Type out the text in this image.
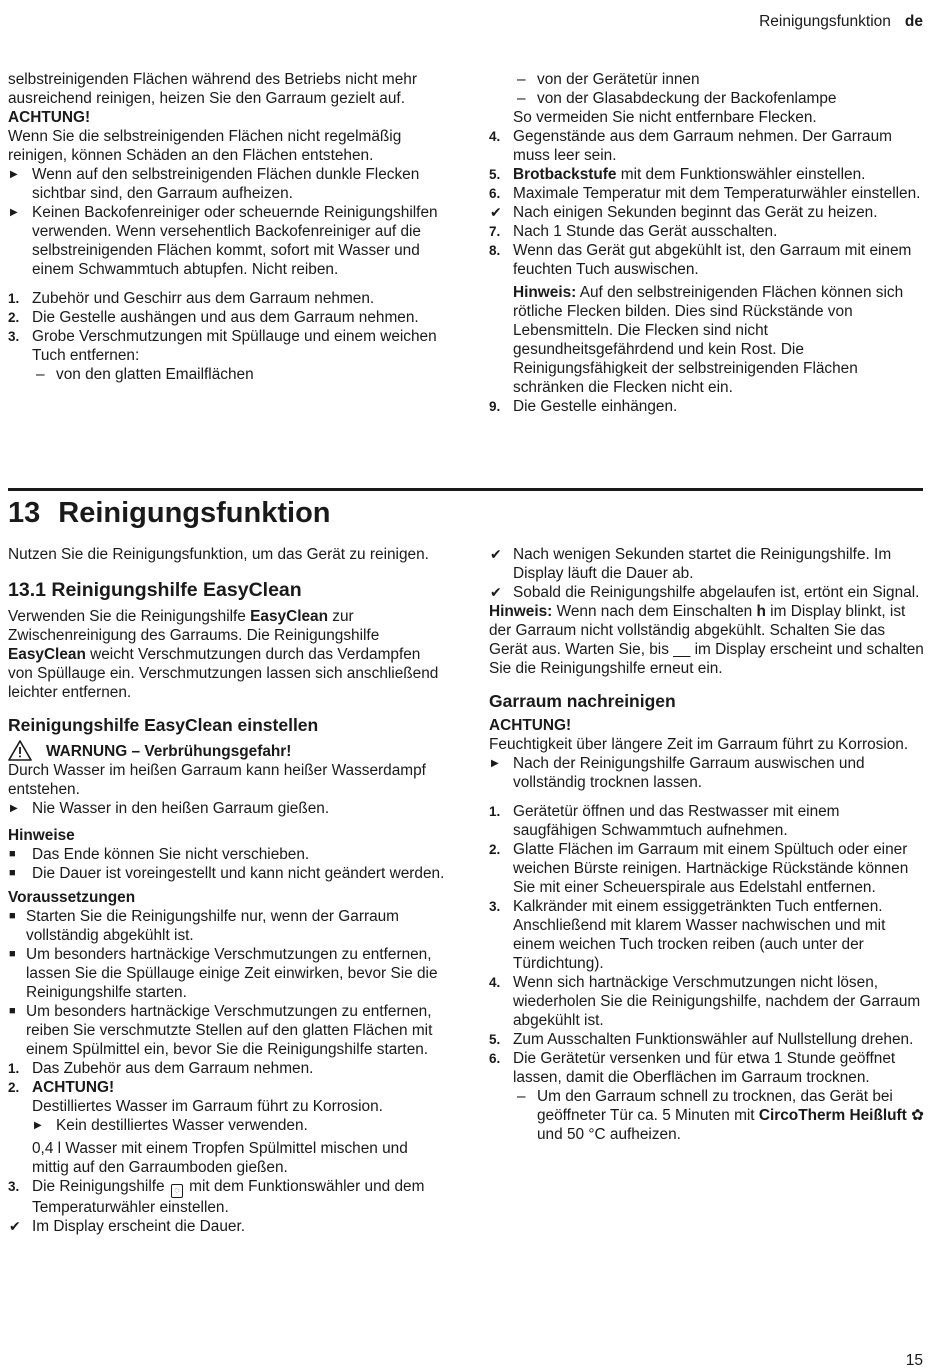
Reinigungsfunktion de

selbstreinigenden Flächen während des Betriebs nicht mehr ausreichend reinigen, heizen Sie den Garraum gezielt auf.

ACHTUNG!

Wenn Sie die selbstreinigenden Flächen nicht regelmäßig reinigen, können Schäden an den Flächen entstehen.

▶ Wenn auf den selbstreinigenden Flächen dunkle Flecken sichtbar sind, den Garraum aufheizen.
▶ Keinen Backofenreiniger oder scheuernde Reinigungshilfen verwenden. Wenn versehentlich Backofenreiniger auf die selbstreinigenden Flächen kommt, sofort mit Wasser und einem Schwammtuch abtupfen. Nicht reiben.
1. Zubehör und Geschirr aus dem Garraum nehmen.
2. Die Gestelle aushängen und aus dem Garraum nehmen.
3. Grobe Verschmutzungen mit Spüllauge und einem weichen Tuch entfernen:
– von den glatten Emailflächen
– von der Gerätetür innen
– von der Glasabdeckung der Backofenlampe

So vermeiden Sie nicht entfernbare Flecken.

4. Gegenstände aus dem Garraum nehmen. Der Garraum muss leer sein.
5. Brotbackstufe mit dem Funktionswähler einstellen.
6. Maximale Temperatur mit dem Temperaturwähler einstellen.
✔ Nach einigen Sekunden beginnt das Gerät zu heizen.
7. Nach 1 Stunde das Gerät ausschalten.
8. Wenn das Gerät gut abgekühlt ist, den Garraum mit einem feuchten Tuch auswischen.

Hinweis: Auf den selbstreinigenden Flächen können sich rötliche Flecken bilden. Dies sind Rückstände von Lebensmitteln. Die Flecken sind nicht gesundheitsgefährdend und kein Rost. Die Reinigungsfähigkeit der selbstreinigenden Flächen schränken die Flecken nicht ein.

9. Die Gestelle einhängen.
13 Reinigungsfunktion

Nutzen Sie die Reinigungsfunktion, um das Gerät zu reinigen.

13.1 Reinigungshilfe EasyClean

Verwenden Sie die Reinigungshilfe EasyClean zur Zwischenreinigung des Garraums. Die Reinigungshilfe EasyClean weicht Verschmutzungen durch das Verdampfen von Spüllauge ein. Verschmutzungen lassen sich anschließend leichter entfernen.

Reinigungshilfe EasyClean einstellen
WARNUNG – Verbrühungsgefahr!

Durch Wasser im heißen Garraum kann heißer Wasserdampf entstehen.

▶ Nie Wasser in den heißen Garraum gießen.
Hinweise
■	Das Ende können Sie nicht verschieben.
■	Die Dauer ist voreingestellt und kann nicht geändert werden.
Voraussetzungen
■ Starten Sie die Reinigungshilfe nur, wenn der Garraum vollständig abgekühlt ist.
■ Um besonders hartnäckige Verschmutzungen zu entfernen, lassen Sie die Spüllauge einige Zeit einwirken, bevor Sie die Reinigungshilfe starten.
■ Um besonders hartnäckige Verschmutzungen zu entfernen, reiben Sie verschmutzte Stellen auf den glatten Flächen mit einem Spülmittel ein, bevor Sie die Reinigungshilfe starten.
1. Das Zubehör aus dem Garraum nehmen.
2. ACHTUNG!

Destilliertes Wasser im Garraum führt zu Korrosion.

▶ Kein destilliertes Wasser verwenden.

0,4 l Wasser mit einem Tropfen Spülmittel mischen und mittig auf den Garraumboden gießen.

3. Die Reinigungshilfe ◌ mit dem Funktionswähler und dem Temperaturwähler einstellen.
✔ Im Display erscheint die Dauer.
✔ Nach wenigen Sekunden startet die Reinigungshilfe. Im Display läuft die Dauer ab.
✔ Sobald die Reinigungshilfe abgelaufen ist, ertönt ein Signal.

Hinweis: Wenn nach dem Einschalten h im Display blinkt, ist der Garraum nicht vollständig abgekühlt. Schalten Sie das Gerät aus. Warten Sie, bis __ im Display erscheint und schalten Sie die Reinigungshilfe erneut ein.

Garraum nachreinigen

ACHTUNG!

Feuchtigkeit über längere Zeit im Garraum führt zu Korrosion.

▶ Nach der Reinigungshilfe Garraum auswischen und vollständig trocknen lassen.
1. Gerätetür öffnen und das Restwasser mit einem saugfähigen Schwammtuch aufnehmen.
2. Glatte Flächen im Garraum mit einem Spültuch oder einer weichen Bürste reinigen. Hartnäckige Rückstände können Sie mit einer Scheuerspirale aus Edelstahl entfernen.
3. Kalkränder mit einem essiggetränkten Tuch entfernen. Anschließend mit klarem Wasser nachwischen und mit einem weichen Tuch trocken reiben (auch unter der Türdichtung).
4. Wenn sich hartnäckige Verschmutzungen nicht lösen, wiederholen Sie die Reinigungshilfe, nachdem der Garraum abgekühlt ist.
5. Zum Ausschalten Funktionswähler auf Nullstellung drehen.
6. Die Gerätetür versenken und für etwa 1 Stunde geöffnet lassen, damit die Oberflächen im Garraum trocknen.
– Um den Garraum schnell zu trocknen, das Gerät bei geöffneter Tür ca. 5 Minuten mit CircoTherm Heißluft ✿ und 50 °C aufheizen.
15
